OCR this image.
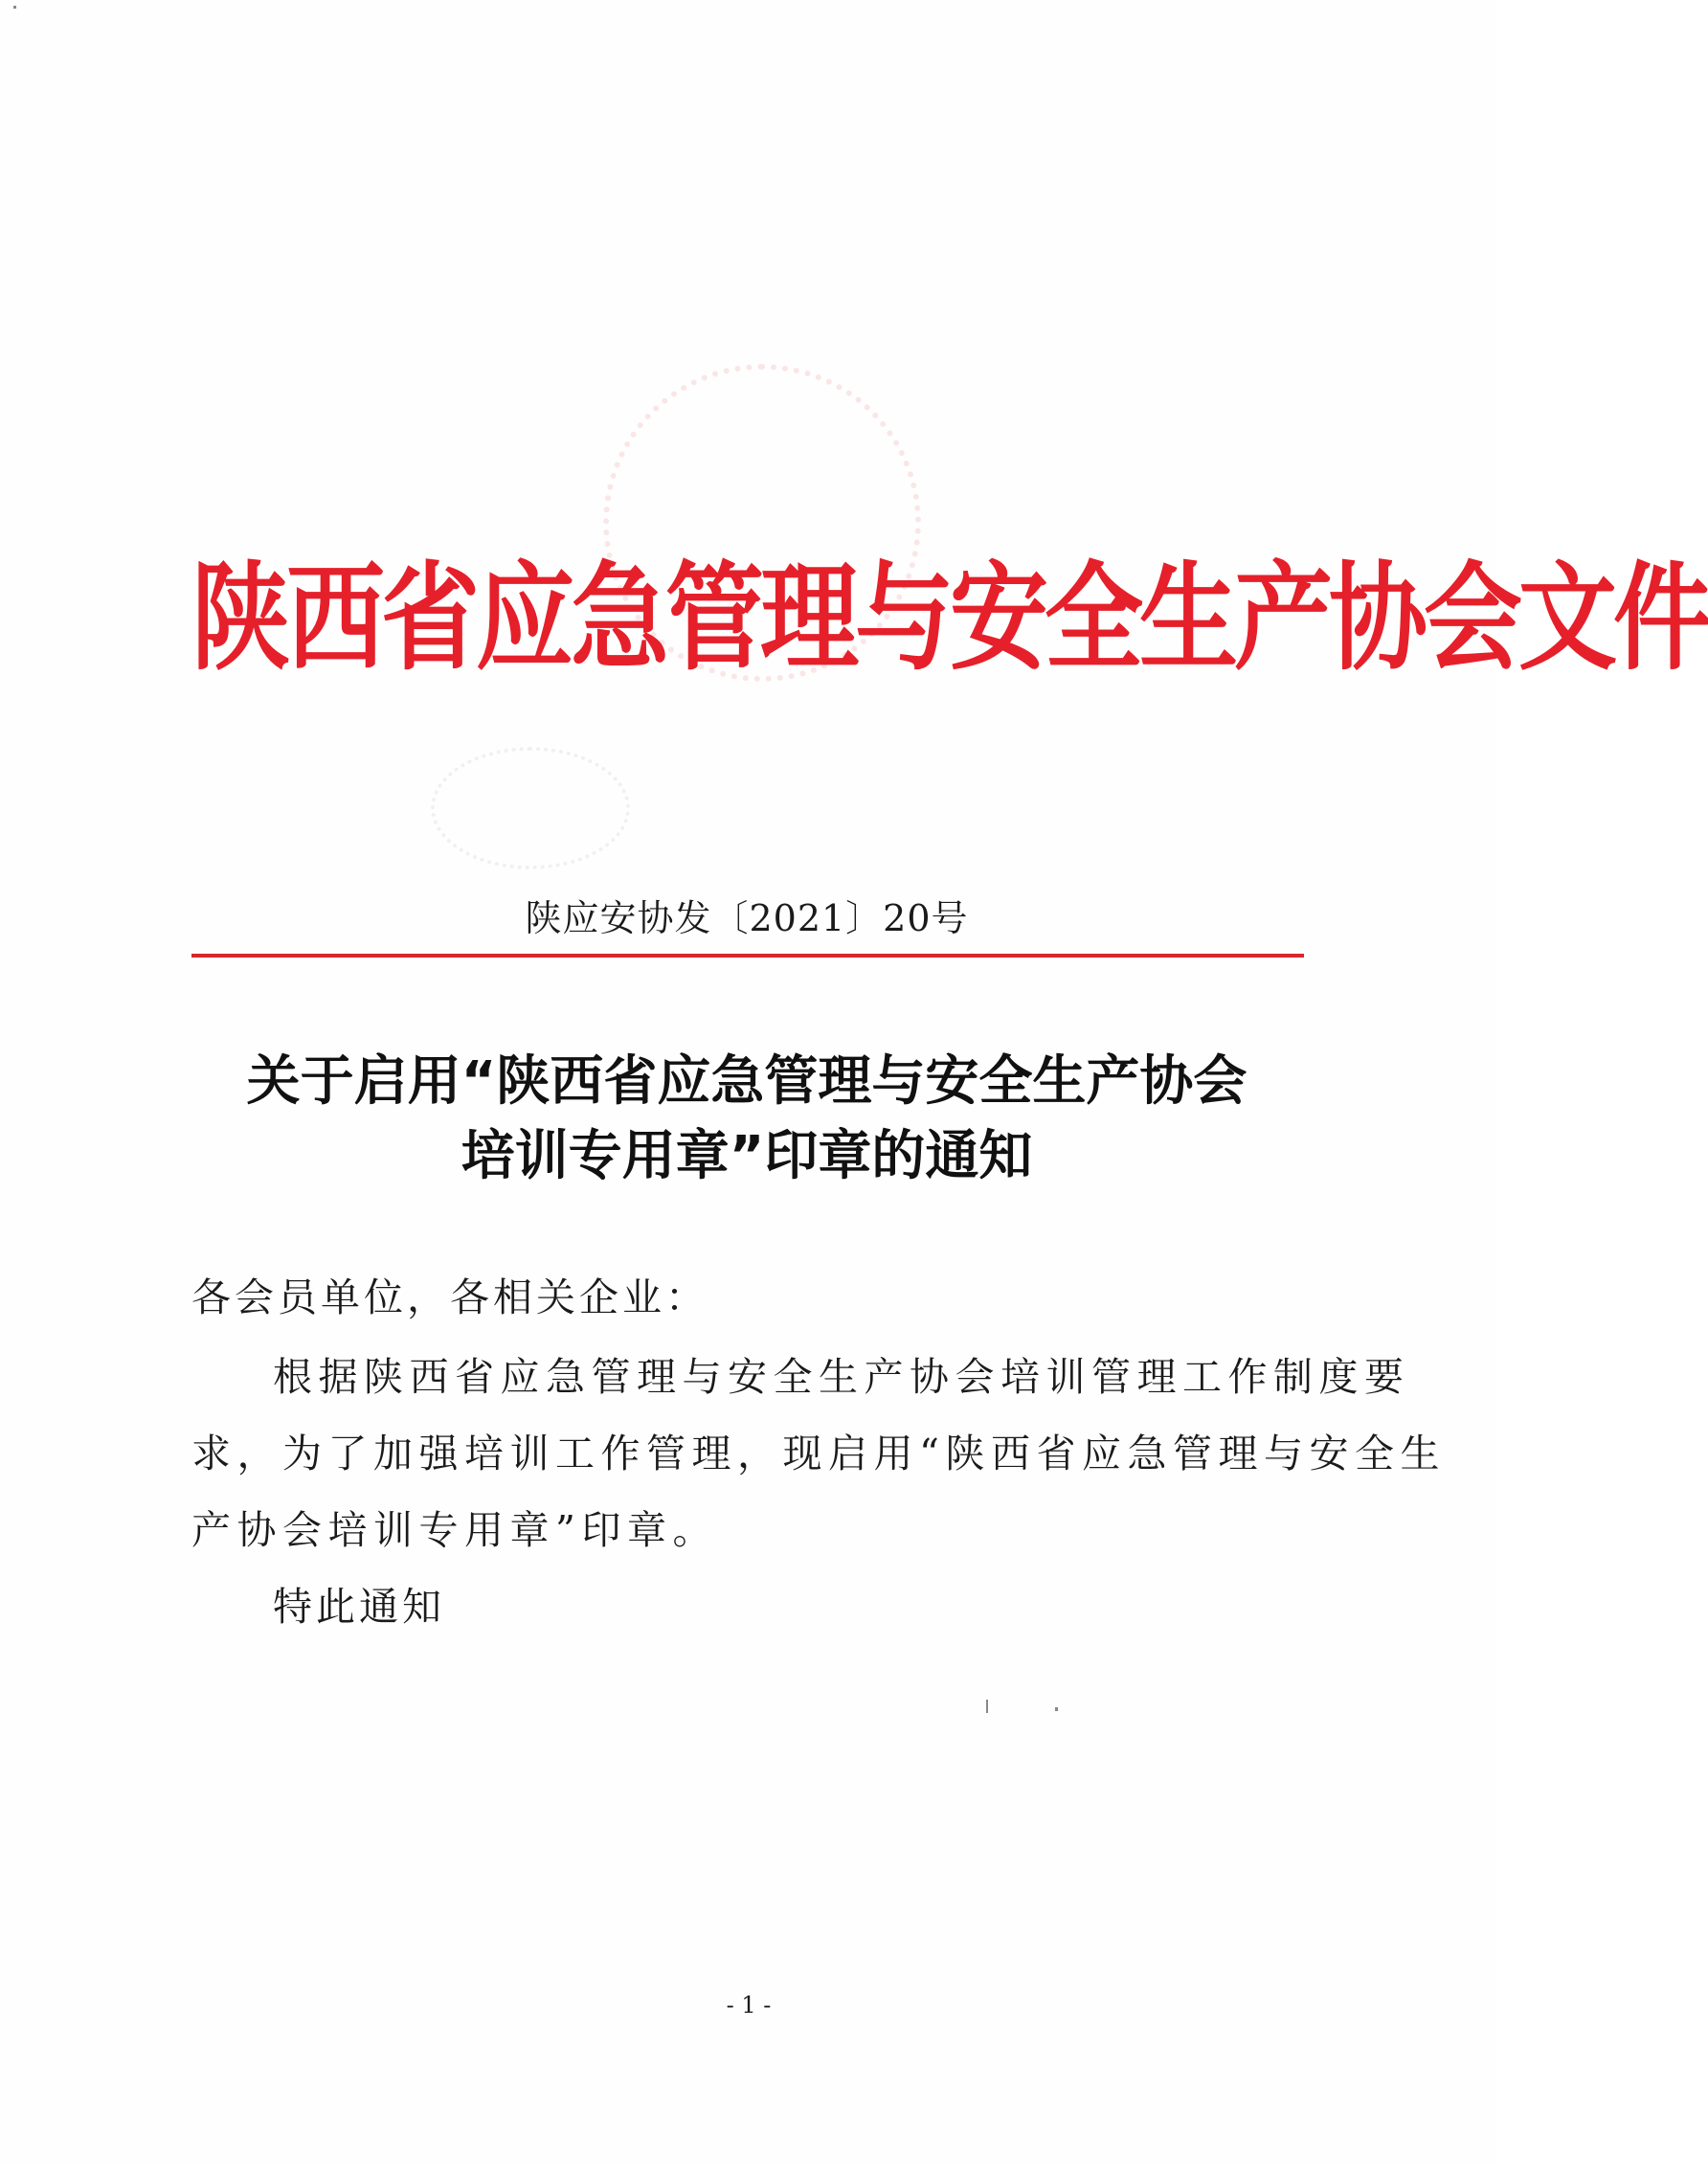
陕西省应急管理与安全生产协会文件
陕应安协发〔2021〕20号
关于启用“陕西省应急管理与安全生产协会
培训专用章”印章的通知
各会员单位，各相关企业：
根据陕西省应急管理与安全生产协会培训管理工作制度要
求，为了加强培训工作管理，现启用“陕西省应急管理与安全生
产协会培训专用章”印章。
特此通知
- 1 -
